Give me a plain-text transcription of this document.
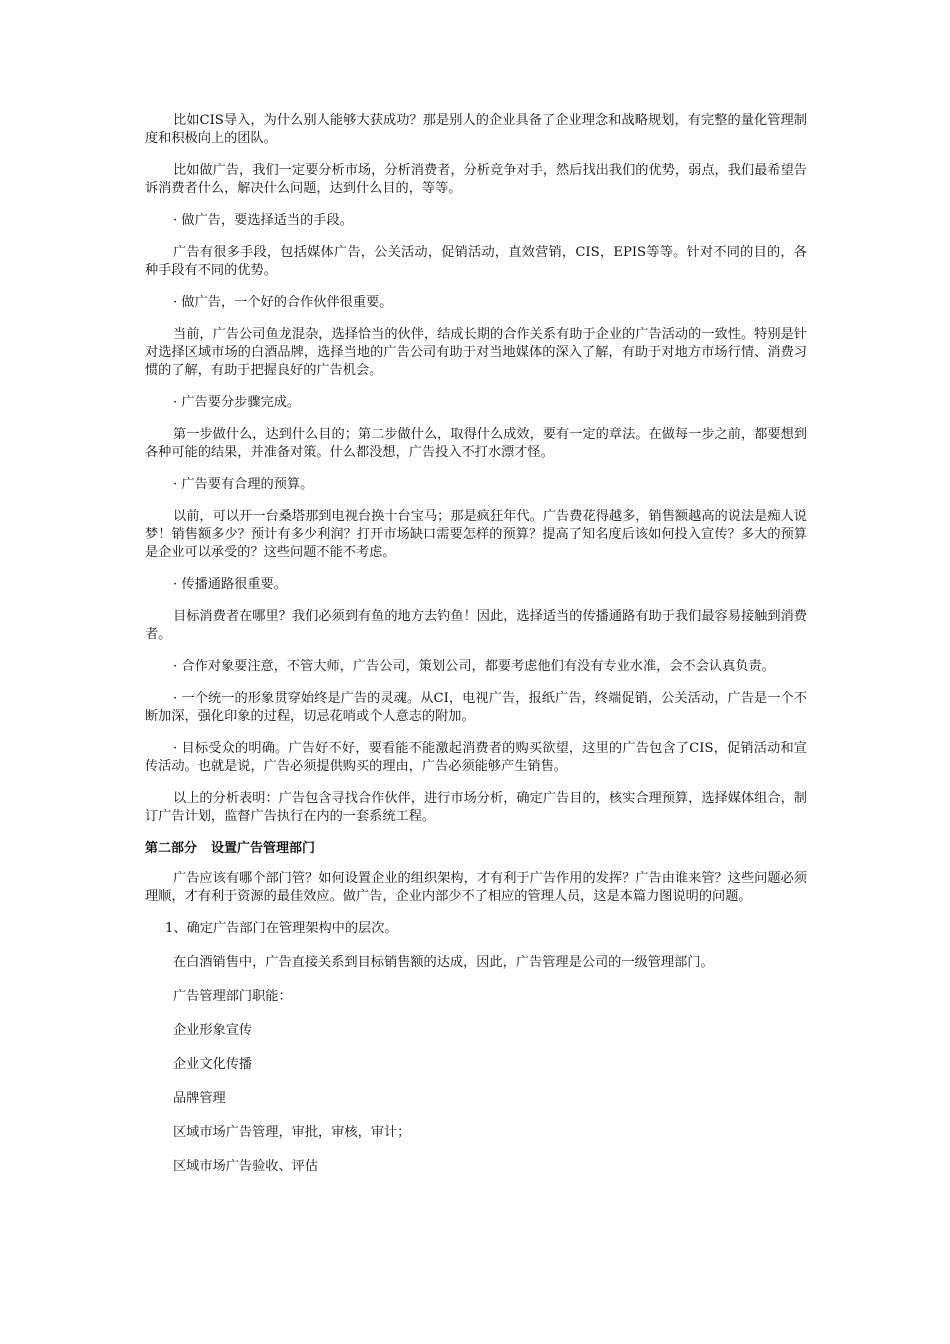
比如CIS导入，为什么别人能够大获成功？那是别人的企业具备了企业理念和战略规划，有完整的量化管理制度和积极向上的团队。

比如做广告，我们一定要分析市场，分析消费者，分析竞争对手，然后找出我们的优势，弱点，我们最希望告诉消费者什么，解决什么问题，达到什么目的，等等。

· 做广告，要选择适当的手段。

广告有很多手段，包括媒体广告，公关活动，促销活动，直效营销，CIS，EPIS等等。针对不同的目的，各种手段有不同的优势。

· 做广告，一个好的合作伙伴很重要。

当前，广告公司鱼龙混杂，选择恰当的伙伴，结成长期的合作关系有助于企业的广告活动的一致性。特别是针对选择区域市场的白酒品牌，选择当地的广告公司有助于对当地媒体的深入了解，有助于对地方市场行情、消费习惯的了解，有助于把握良好的广告机会。

· 广告要分步骤完成。

第一步做什么，达到什么目的；第二步做什么，取得什么成效，要有一定的章法。在做每一步之前，都要想到各种可能的结果，并准备对策。什么都没想，广告投入不打水漂才怪。

· 广告要有合理的预算。

以前，可以开一台桑塔那到电视台换十台宝马；那是疯狂年代。广告费花得越多，销售额越高的说法是痴人说梦！销售额多少？预计有多少利润？打开市场缺口需要怎样的预算？提高了知名度后该如何投入宣传？多大的预算是企业可以承受的？这些问题不能不考虑。

· 传播通路很重要。

目标消费者在哪里？我们必须到有鱼的地方去钓鱼！因此，选择适当的传播通路有助于我们最容易接触到消费者。

· 合作对象要注意，不管大师，广告公司，策划公司，都要考虑他们有没有专业水准，会不会认真负责。

· 一个统一的形象贯穿始终是广告的灵魂。从CI，电视广告，报纸广告，终端促销，公关活动，广告是一个不断加深，强化印象的过程，切忌花哨或个人意志的附加。

· 目标受众的明确。广告好不好，要看能不能激起消费者的购买欲望，这里的广告包含了CIS，促销活动和宣传活动。也就是说，广告必须提供购买的理由，广告必须能够产生销售。

以上的分析表明：广告包含寻找合作伙伴，进行市场分析，确定广告目的，核实合理预算，选择媒体组合，制订广告计划，监督广告执行在内的一套系统工程。

第二部分 设置广告管理部门

广告应该有哪个部门管？如何设置企业的组织架构，才有利于广告作用的发挥？广告由谁来管？这些问题必须理顺，才有利于资源的最佳效应。做广告，企业内部少不了相应的管理人员，这是本篇力图说明的问题。

1、确定广告部门在管理架构中的层次。

在白酒销售中，广告直接关系到目标销售额的达成，因此，广告管理是公司的一级管理部门。

广告管理部门职能：

企业形象宣传

企业文化传播

品牌管理

区域市场广告管理，审批，审核，审计；

区域市场广告验收、评估
